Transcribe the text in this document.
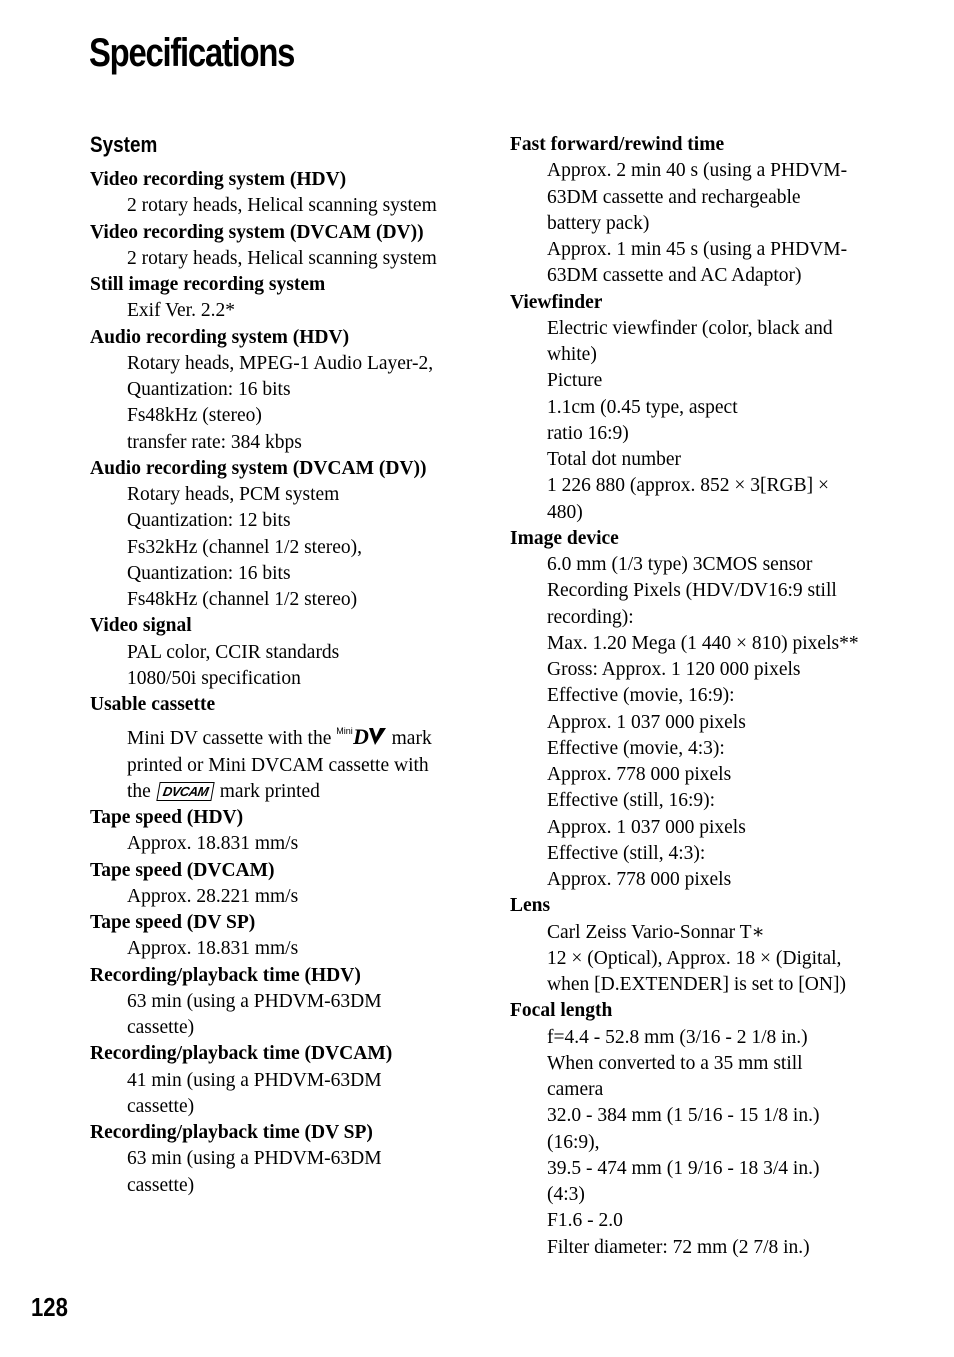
Specifications
System
Video recording system (HDV)
2 rotary heads, Helical scanning system
Video recording system (DVCAM (DV))
2 rotary heads, Helical scanning system
Still image recording system
Exif Ver. 2.2*
Audio recording system (HDV)
Rotary heads, MPEG-1 Audio Layer-2,
Quantization: 16 bits
Fs48kHz (stereo)
transfer rate: 384 kbps
Audio recording system (DVCAM (DV))
Rotary heads, PCM system
Quantization: 12 bits
Fs32kHz (channel 1/2 stereo),
Quantization: 16 bits
Fs48kHz (channel 1/2 stereo)
Video signal
PAL color, CCIR standards
1080/50i specification
Usable cassette
Mini DV cassette with the $^{Mini}$ D mark
printed or Mini DVCAM cassette with
the DVCAM mark printed
Tape speed (HDV)
Approx. 18.831 mm/s
Tape speed (DVCAM)
Approx. 28.221 mm/s
Tape speed (DV SP)
Approx. 18.831 mm/s
Recording/playback time (HDV)
63 min (using a PHDVM-63DM
cassette)
Recording/playback time (DVCAM)
41 min (using a PHDVM-63DM
cassette)
Recording/playback time (DV SP)
63 min (using a PHDVM-63DM
cassette)
Fast forward/rewind time
Approx. 2 min 40 s (using a PHDVM-
63DM cassette and rechargeable
battery pack)
Approx. 1 min 45 s (using a PHDVM-
63DM cassette and AC Adaptor)
Viewfinder
Electric viewfinder (color, black and
white)
Picture
1.1cm (0.45 type, aspect
ratio 16:9)
Total dot number
1 226 880 (approx. 852 × 3[RGB] ×
480)
Image device
6.0 mm (1/3 type) 3CMOS sensor
Recording Pixels (HDV/DV16:9 still
recording):
Max. 1.20 Mega (1 440 × 810) pixels**
Gross: Approx. 1 120 000 pixels
Effective (movie, 16:9):
Approx. 1 037 000 pixels
Effective (movie, 4:3):
Approx. 778 000 pixels
Effective (still, 16:9):
Approx. 1 037 000 pixels
Effective (still, 4:3):
Approx. 778 000 pixels
Lens
Carl Zeiss Vario-Sonnar T∗
12 × (Optical), Approx. 18 × (Digital,
when [D.EXTENDER] is set to [ON])
Focal length
f=4.4 - 52.8 mm (3/16 - 2 1/8 in.)
When converted to a 35 mm still
camera
32.0 - 384 mm (1 5/16 - 15 1/8 in.)
(16:9),
39.5 - 474 mm (1 9/16 - 18 3/4 in.)
(4:3)
F1.6 - 2.0
Filter diameter: 72 mm (2 7/8 in.)
128
